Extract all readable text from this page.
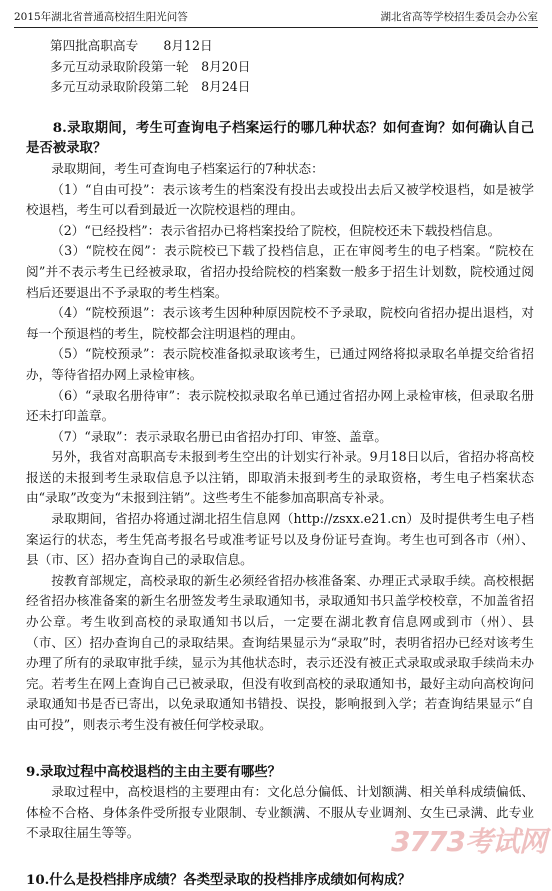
2015年湖北省普通高校招生阳光问答	湖北省高等学校招生委员会办公室

第四批高职高专　　8月12日

多元互动录取阶段第一轮　8月20日

多元互动录取阶段第二轮　8月24日

8.录取期间，考生可查询电子档案运行的哪几种状态？如何查询？如何确认自己是否被录取？

录取期间，考生可查询电子档案运行的7种状态：

（1）“自由可投”：表示该考生的档案没有投出去或投出去后又被学校退档，如是被学校退档，考生可以看到最近一次院校退档的理由。

（2）“已经投档”：表示省招办已将档案投给了院校，但院校还未下载投档信息。

（3）“院校在阅”：表示院校已下载了投档信息，正在审阅考生的电子档案。“院校在阅”并不表示考生已经被录取，省招办投给院校的档案数一般多于招生计划数，院校通过阅档后还要退出不予录取的考生档案。

（4）“院校预退”：表示该考生因种种原因院校不予录取，院校向省招办提出退档，对每一个预退档的考生，院校都会注明退档的理由。

（5）“院校预录”：表示院校准备拟录取该考生，已通过网络将拟录取名单提交给省招办，等待省招办网上录检审核。

（6）“录取名册待审”：表示院校拟录取名单已通过省招办网上录检审核，但录取名册还未打印盖章。

（7）“录取”：表示录取名册已由省招办打印、审签、盖章。

另外，我省对高职高专未报到考生空出的计划实行补录。9月18日以后，省招办将高校报送的未报到考生录取信息予以注销，即取消未报到考生的录取资格，考生电子档案状态由“录取”改变为“未报到注销”。这些考生不能参加高职高专补录。

录取期间，省招办将通过湖北招生信息网（http://zsxx.e21.cn）及时提供考生电子档案运行的状态，考生凭高考报名号或准考证号以及身份证号查询。考生也可到各市（州）、县（市、区）招办查询自己的录取信息。

按教育部规定，高校录取的新生必须经省招办核准备案、办理正式录取手续。高校根据经省招办核准备案的新生名册签发考生录取通知书，录取通知书只盖学校校章，不加盖省招办公章。考生收到高校的录取通知书以后，一定要在湖北教育信息网或到市（州）、县（市、区）招办查询自己的录取结果。查询结果显示为“录取”时，表明省招办已经对该考生办理了所有的录取审批手续，显示为其他状态时，表示还没有被正式录取或录取手续尚未办完。若考生在网上查询自己已被录取，但没有收到高校的录取通知书，最好主动向高校询问录取通知书是否已寄出，以免录取通知书错投、误投，影响报到入学；若查询结果显示“自由可投”，则表示考生没有被任何学校录取。

9.录取过程中高校退档的主由主要有哪些？

录取过程中，高校退档的主要理由有：文化总分偏低、计划额满、相关单科成绩偏低、体检不合格、身体条件受所报专业限制、专业额满、不服从专业调剂、女生已录满、此专业不录取往届生等等。

10.什么是投档排序成绩？各类型录取的投档排序成绩如何构成？

3773考试网
